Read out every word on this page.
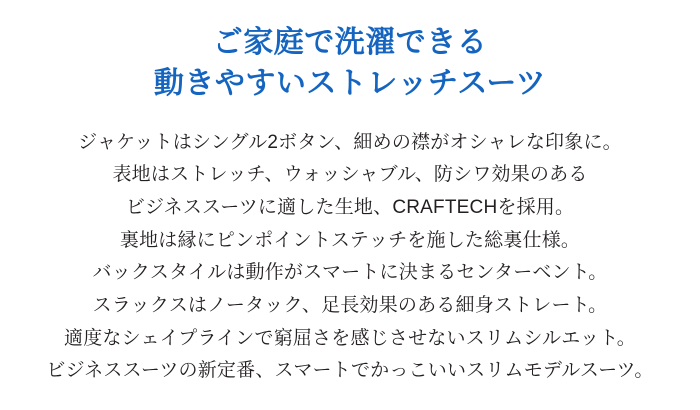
ご家庭で洗濯できる
動きやすいストレッチスーツ
ジャケットはシングル2ボタン、細めの襟がオシャレな印象に。
表地はストレッチ、ウォッシャブル、防シワ効果のある
ビジネススーツに適した生地、CRAFTECHを採用。
裏地は縁にピンポイントステッチを施した総裏仕様。
バックスタイルは動作がスマートに決まるセンターベント。
スラックスはノータック、足長効果のある細身ストレート。
適度なシェイプラインで窮屈さを感じさせないスリムシルエット。
ビジネススーツの新定番、スマートでかっこいいスリムモデルスーツ。
